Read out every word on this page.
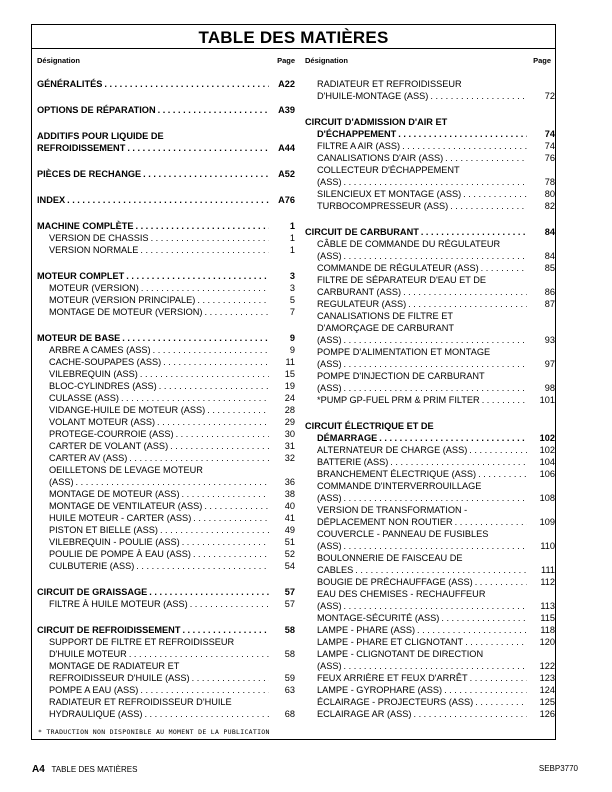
TABLE DES MATIÈRES
Désignation	Page
GÉNÉRALITÉS . . .	A22
OPTIONS DE RÉPARATION . . .	A39
ADDITIFS POUR LIQUIDE DE
REFROIDISSEMENT . . .	A44
PIÈCES DE RECHANGE . . .	A52
INDEX . . .	A76
MACHINE COMPLÈTE . . .	1
VERSION DE CHASSIS . . .	1
VERSION NORMALE . . .	1
MOTEUR COMPLET . . .	3
MOTEUR (VERSION) . . .	3
MOTEUR (VERSION PRINCIPALE) . . .	5
MONTAGE DE MOTEUR (VERSION) . . .	7
MOTEUR DE BASE . . .	9
ARBRE A CAMES (ASS) . . .	9
CACHE-SOUPAPES (ASS) . . .	11
VILEBREQUIN (ASS) . . .	15
BLOC-CYLINDRES (ASS) . . .	19
CULASSE (ASS) . . .	24
VIDANGE-HUILE DE MOTEUR (ASS) . . .	28
VOLANT MOTEUR (ASS) . . .	29
PROTEGE-COURROIE (ASS) . . .	30
CARTER DE VOLANT (ASS) . . .	31
CARTER AV (ASS) . . .	32
OEILLETONS DE LEVAGE MOTEUR
(ASS) . . .	36
MONTAGE DE MOTEUR (ASS) . . .	38
MONTAGE DE VENTILATEUR (ASS) . . .	40
HUILE MOTEUR - CARTER (ASS) . . .	41
PISTON ET BIELLE (ASS) . . .	49
VILEBREQUIN - POULIE (ASS) . . .	51
POULIE DE POMPE À EAU (ASS) . . .	52
CULBUTERIE (ASS) . . .	54
CIRCUIT DE GRAISSAGE . . .	57
FILTRE À HUILE MOTEUR (ASS) . . .	57
CIRCUIT DE REFROIDISSEMENT . . .	58
SUPPORT DE FILTRE ET REFROIDISSEUR
D'HUILE MOTEUR . . .	58
MONTAGE DE RADIATEUR ET
REFROIDISSEUR D'HUILE (ASS) . . .	59
POMPE A EAU (ASS) . . .	63
RADIATEUR ET REFROIDISSEUR D'HUILE
HYDRAULIQUE (ASS) . . .	68
Désignation	Page
RADIATEUR ET REFROIDISSEUR
D'HUILE-MONTAGE (ASS) . . .	72
CIRCUIT D'ADMISSION D'AIR ET
D'ÉCHAPPEMENT . . .	74
FILTRE A AIR (ASS) . . .	74
CANALISATIONS D'AIR (ASS) . . .	76
COLLECTEUR D'ÉCHAPPEMENT
(ASS) . . .	78
SILENCIEUX ET MONTAGE (ASS) . . .	80
TURBOCOMPRESSEUR (ASS) . . .	82
CIRCUIT DE CARBURANT . . .	84
CÂBLE DE COMMANDE DU RÉGULATEUR
(ASS) . . .	84
COMMANDE DE RÉGULATEUR (ASS) . . .	85
FILTRE DE SÉPARATEUR D'EAU ET DE
CARBURANT (ASS) . . .	86
REGULATEUR (ASS) . . .	87
CANALISATIONS DE FILTRE ET
D'AMORÇAGE DE CARBURANT
(ASS) . . .	93
POMPE D'ALIMENTATION ET MONTAGE
(ASS) . . .	97
POMPE D'INJECTION DE CARBURANT
(ASS) . . .	98
*PUMP GP-FUEL PRM & PRIM FILTER . . .	101
CIRCUIT ÉLECTRIQUE ET DE
DÉMARRAGE . . .	102
ALTERNATEUR DE CHARGE (ASS) . . .	102
BATTERIE (ASS) . . .	104
BRANCHEMENT ÉLECTRIQUE (ASS) . . .	106
COMMANDE D'INTERVERROUILLAGE
(ASS) . . .	108
VERSION DE TRANSFORMATION -
DÉPLACEMENT NON ROUTIER . . .	109
COUVERCLE - PANNEAU DE FUSIBLES
(ASS) . . .	110
BOULONNERIE DE FAISCEAU DE
CABLES . . .	111
BOUGIE DE PRÉCHAUFFAGE (ASS) . . .	112
EAU DES CHEMISES - RECHAUFFEUR
(ASS) . . .	113
MONTAGE-SÉCURITÉ (ASS) . . .	115
LAMPE - PHARE (ASS) . . .	118
LAMPE - PHARE ET CLIGNOTANT . . .	120
LAMPE - CLIGNOTANT DE DIRECTION
(ASS) . . .	122
FEUX ARRIÈRE ET FEUX D'ARRÊT . . .	123
LAMPE - GYROPHARE (ASS) . . .	124
ÉCLAIRAGE - PROJECTEURS (ASS) . . .	125
ECLAIRAGE AR (ASS) . . .	126
* TRADUCTION NON DISPONIBLE AU MOMENT DE LA PUBLICATION
A4 TABLE DES MATIÈRES	SEBP3770
